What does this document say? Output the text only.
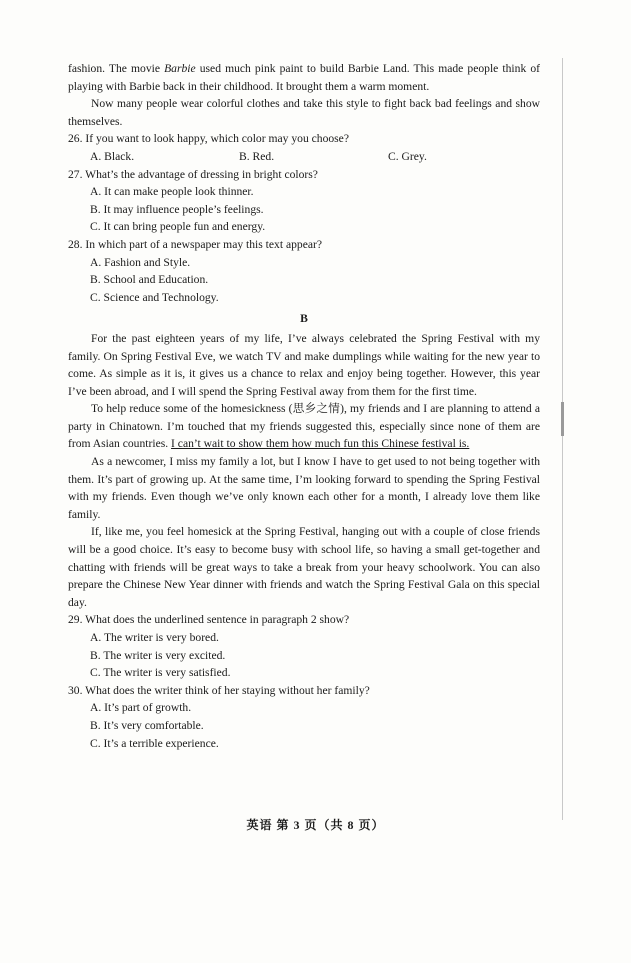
fashion. The movie Barbie used much pink paint to build Barbie Land. This made people think of playing with Barbie back in their childhood. It brought them a warm moment.

Now many people wear colorful clothes and take this style to fight back bad feelings and show themselves.

26. If you want to look happy, which color may you choose?

A. Black.	B. Red.	C. Grey.

27. What’s the advantage of dressing in bright colors?

A. It can make people look thinner.

B. It may influence people’s feelings.

C. It can bring people fun and energy.

28. In which part of a newspaper may this text appear?

A. Fashion and Style.

B. School and Education.

C. Science and Technology.

B

For the past eighteen years of my life, I’ve always celebrated the Spring Festival with my family. On Spring Festival Eve, we watch TV and make dumplings while waiting for the new year to come. As simple as it is, it gives us a chance to relax and enjoy being together. However, this year I’ve been abroad, and I will spend the Spring Festival away from them for the first time.

To help reduce some of the homesickness (思乡之情), my friends and I are planning to attend a party in Chinatown. I’m touched that my friends suggested this, especially since none of them are from Asian countries. I can’t wait to show them how much fun this Chinese festival is.

As a newcomer, I miss my family a lot, but I know I have to get used to not being together with them. It’s part of growing up. At the same time, I’m looking forward to spending the Spring Festival with my friends. Even though we’ve only known each other for a month, I already love them like family.

If, like me, you feel homesick at the Spring Festival, hanging out with a couple of close friends will be a good choice. It’s easy to become busy with school life, so having a small get-together and chatting with friends will be great ways to take a break from your heavy schoolwork. You can also prepare the Chinese New Year dinner with friends and watch the Spring Festival Gala on this special day.

29. What does the underlined sentence in paragraph 2 show?

A. The writer is very bored.

B. The writer is very excited.

C. The writer is very satisfied.

30. What does the writer think of her staying without her family?

A. It’s part of growth.

B. It’s very comfortable.

C. It’s a terrible experience.

英语 第 3 页（共 8 页）
